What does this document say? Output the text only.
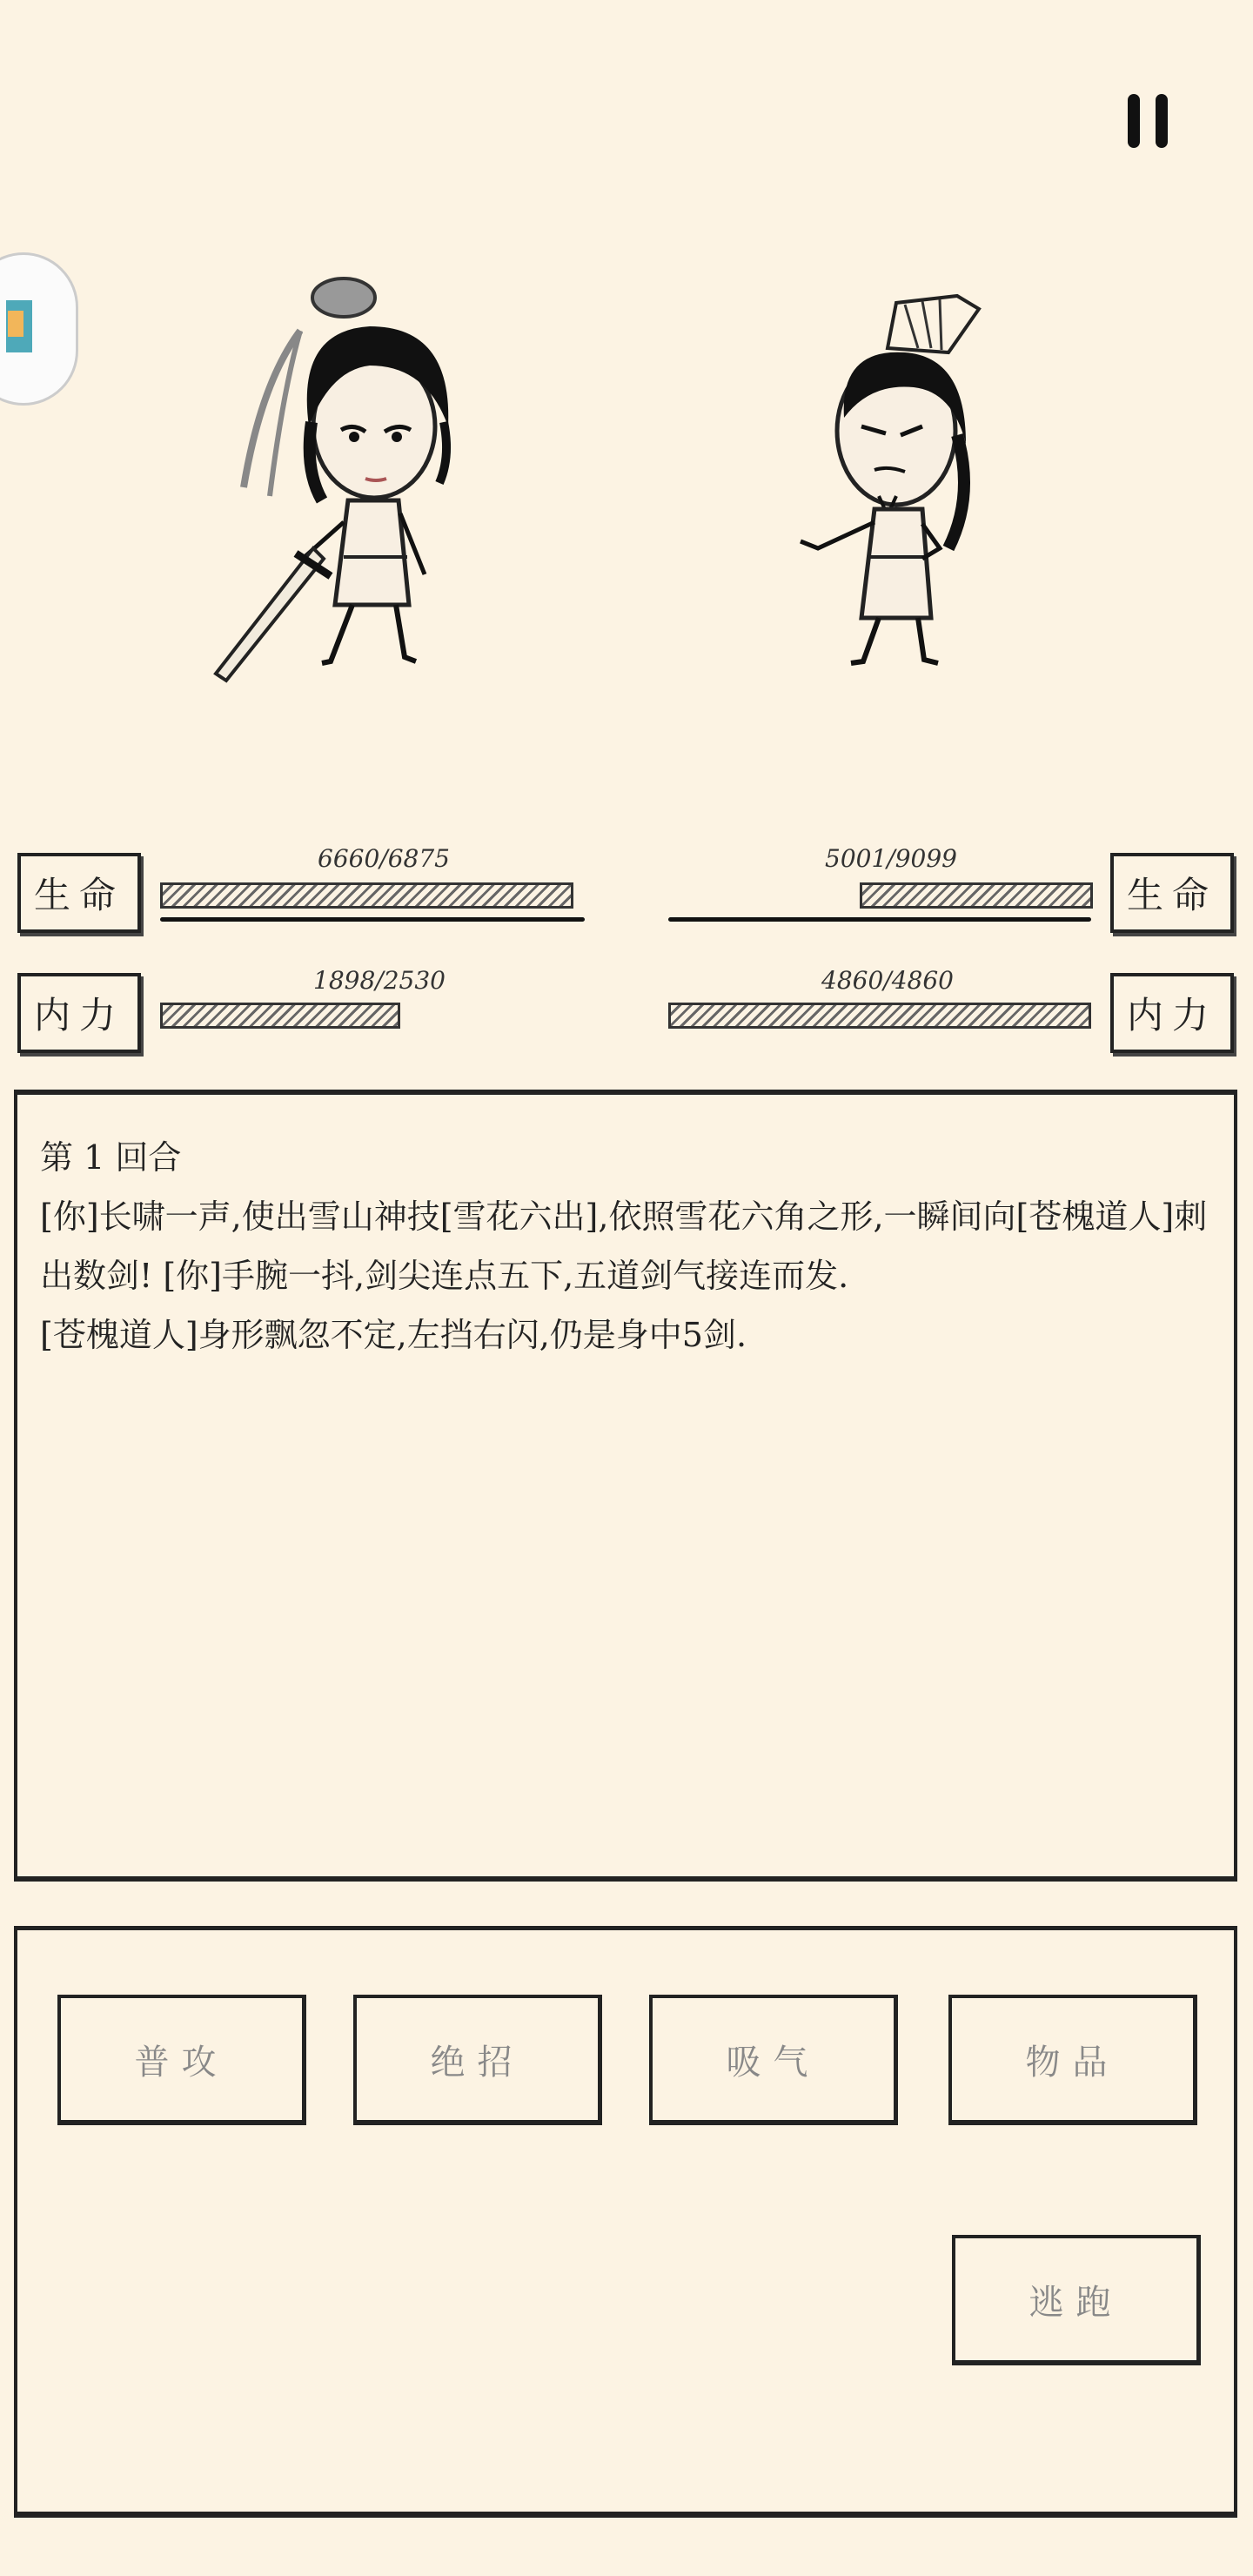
生命
6660/6875
内力
1898/2530
生命
5001/9099
内力
4860/4860

第 1 回合

[你]长啸一声,使出雪山神技[雪花六出],依照雪花六角之形,一瞬间向[苍槐道人]刺出数剑! [你]手腕一抖,剑尖连点五下,五道剑气接连而发.

[苍槐道人]身形飘忽不定,左挡右闪,仍是身中5剑.

普攻	绝招	吸气	物品
逃跑
